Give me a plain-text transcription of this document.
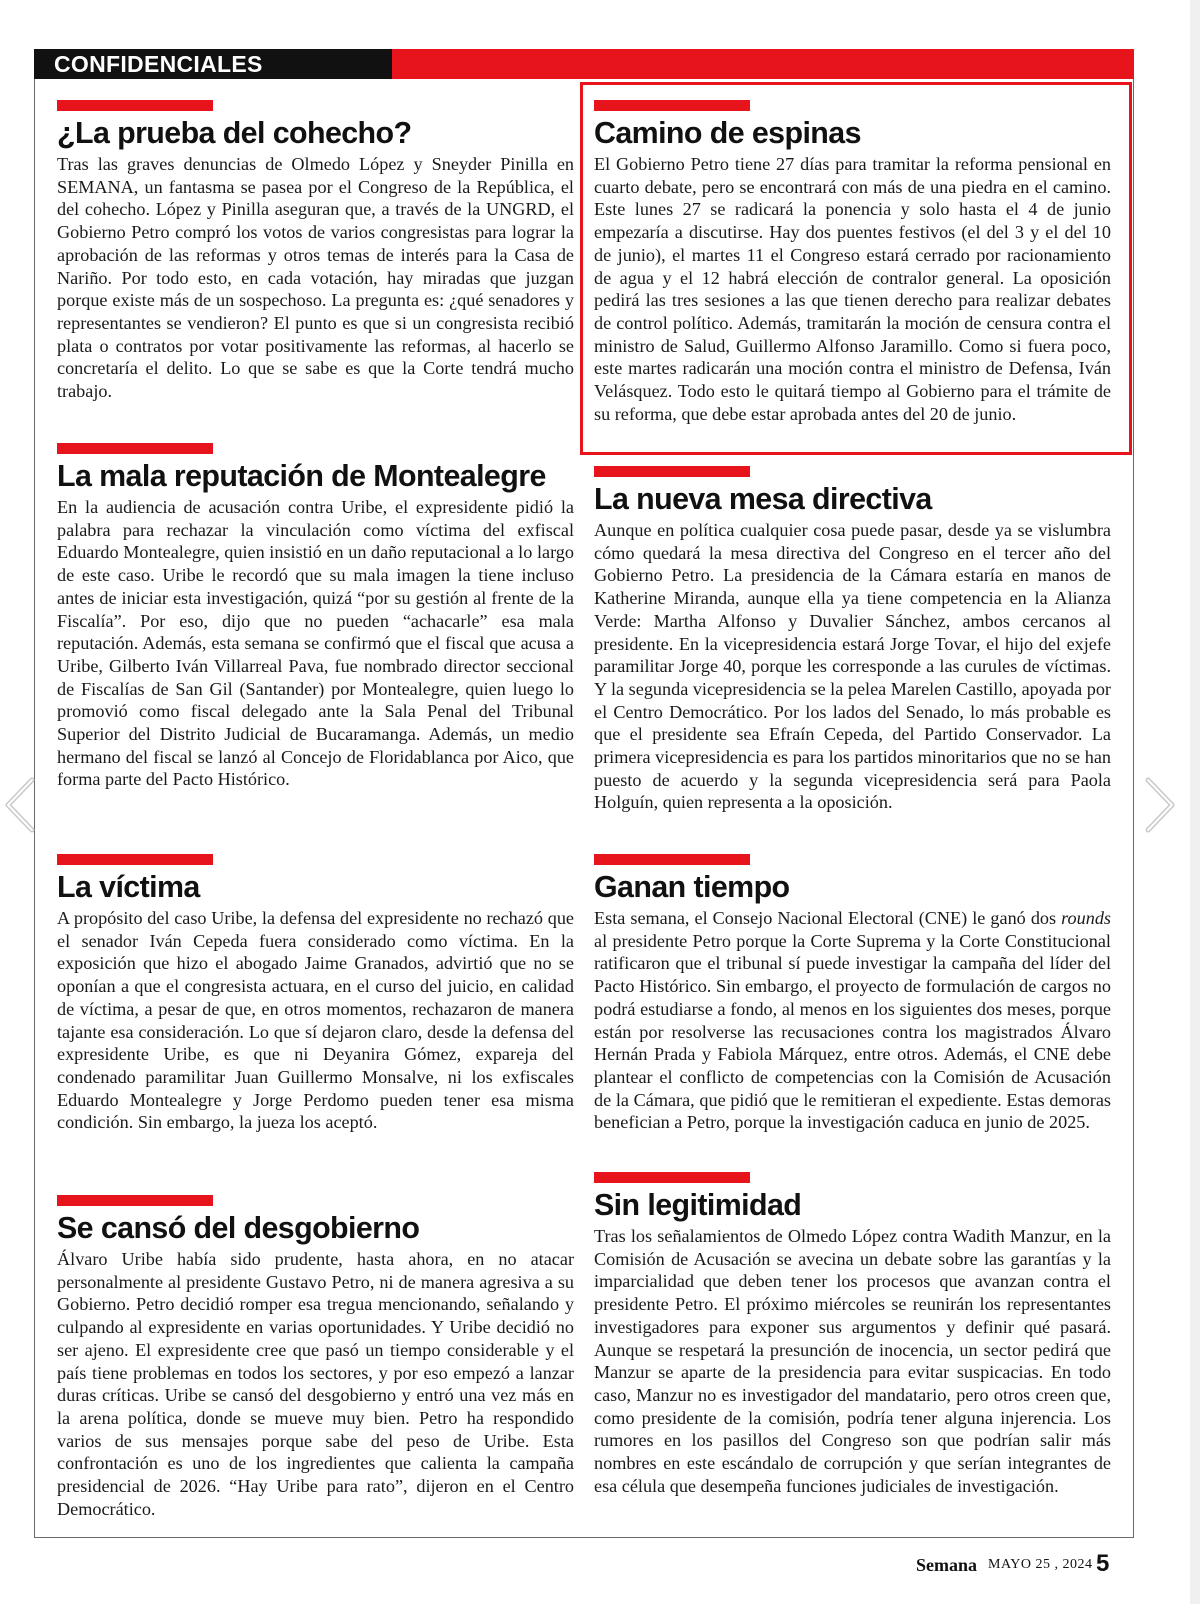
CONFIDENCIALES
¿La prueba del cohecho?

Tras las graves denuncias de Olmedo López y Sneyder Pinilla en SEMANA, un fantasma se pasea por el Congreso de la República, el del cohecho. López y Pinilla aseguran que, a través de la UNGRD, el Gobierno Petro compró los votos de varios congresistas para lograr la aprobación de las reformas y otros temas de interés para la Casa de Nariño. Por todo esto, en cada votación, hay miradas que juzgan porque existe más de un sospechoso. La pregunta es: ¿qué senadores y representantes se vendieron? El punto es que si un congresista recibió plata o contratos por votar positivamente las reformas, al hacerlo se concretaría el delito. Lo que se sabe es que la Corte tendrá mucho trabajo.

La mala reputación de Montealegre

En la audiencia de acusación contra Uribe, el expresidente pidió la palabra para rechazar la vinculación como víctima del exfiscal Eduardo Montealegre, quien insistió en un daño reputacional a lo largo de este caso. Uribe le recordó que su mala imagen la tiene incluso antes de iniciar esta investigación, quizá “por su gestión al frente de la Fiscalía”. Por eso, dijo que no pueden “achacarle” esa mala reputación. Además, esta semana se confirmó que el fiscal que acusa a Uribe, Gilberto Iván Villarreal Pava, fue nombrado director seccional de Fiscalías de San Gil (Santander) por Montealegre, quien luego lo promovió como fiscal delegado ante la Sala Penal del Tribunal Superior del Distrito Judicial de Bucaramanga. Además, un medio hermano del fiscal se lanzó al Concejo de Floridablanca por Aico, que forma parte del Pacto Histórico.

La víctima

A propósito del caso Uribe, la defensa del expresidente no rechazó que el senador Iván Cepeda fuera considerado como víctima. En la exposición que hizo el abogado Jaime Granados, advirtió que no se oponían a que el congresista actuara, en el curso del juicio, en calidad de víctima, a pesar de que, en otros momentos, rechazaron de manera tajante esa consideración. Lo que sí dejaron claro, desde la defensa del expresidente Uribe, es que ni Deyanira Gómez, expareja del condenado paramilitar Juan Guillermo Monsalve, ni los exfiscales Eduardo Montealegre y Jorge Perdomo pueden tener esa misma condición. Sin embargo, la jueza los aceptó.

Se cansó del desgobierno

Álvaro Uribe había sido prudente, hasta ahora, en no atacar personalmente al presidente Gustavo Petro, ni de manera agresiva a su Gobierno. Petro decidió romper esa tregua mencionando, señalando y culpando al expresidente en varias oportunidades. Y Uribe decidió no ser ajeno. El expresidente cree que pasó un tiempo considerable y el país tiene problemas en todos los sectores, y por eso empezó a lanzar duras críticas. Uribe se cansó del desgobierno y entró una vez más en la arena política, donde se mueve muy bien. Petro ha respondido varios de sus mensajes porque sabe del peso de Uribe. Esta confrontación es uno de los ingredientes que calienta la campaña presidencial de 2026. “Hay Uribe para rato”, dijeron en el Centro Democrático.

Camino de espinas

El Gobierno Petro tiene 27 días para tramitar la reforma pensional en cuarto debate, pero se encontrará con más de una piedra en el camino. Este lunes 27 se radicará la ponencia y solo hasta el 4 de junio empezaría a discutirse. Hay dos puentes festivos (el del 3 y el del 10 de junio), el martes 11 el Congreso estará cerrado por racionamiento de agua y el 12 habrá elección de contralor general. La oposición pedirá las tres sesiones a las que tienen derecho para realizar debates de control político. Además, tramitarán la moción de censura contra el ministro de Salud, Guillermo Alfonso Jaramillo. Como si fuera poco, este martes radicarán una moción contra el ministro de Defensa, Iván Velásquez. Todo esto le quitará tiempo al Gobierno para el trámite de su reforma, que debe estar aprobada antes del 20 de junio.

La nueva mesa directiva

Aunque en política cualquier cosa puede pasar, desde ya se vislumbra cómo quedará la mesa directiva del Congreso en el tercer año del Gobierno Petro. La presidencia de la Cámara estaría en manos de Katherine Miranda, aunque ella ya tiene competencia en la Alianza Verde: Martha Alfonso y Duvalier Sánchez, ambos cercanos al presidente. En la vicepresidencia estará Jorge Tovar, el hijo del exjefe paramilitar Jorge 40, porque les corresponde a las curules de víctimas. Y la segunda vicepresidencia se la pelea Marelen Castillo, apoyada por el Centro Democrático. Por los lados del Senado, lo más probable es que el presidente sea Efraín Cepeda, del Partido Conservador. La primera vicepresidencia es para los partidos minoritarios que no se han puesto de acuerdo y la segunda vicepresidencia será para Paola Holguín, quien representa a la oposición.

Ganan tiempo

Esta semana, el Consejo Nacional Electoral (CNE) le ganó dos rounds al presidente Petro porque la Corte Suprema y la Corte Constitucional ratificaron que el tribunal sí puede investigar la campaña del líder del Pacto Histórico. Sin embargo, el proyecto de formulación de cargos no podrá estudiarse a fondo, al menos en los siguientes dos meses, porque están por resolverse las recusaciones contra los magistrados Álvaro Hernán Prada y Fabiola Márquez, entre otros. Además, el CNE debe plantear el conflicto de competencias con la Comisión de Acusación de la Cámara, que pidió que le remitieran el expediente. Estas demoras benefician a Petro, porque la investigación caduca en junio de 2025.

Sin legitimidad

Tras los señalamientos de Olmedo López contra Wadith Manzur, en la Comisión de Acusación se avecina un debate sobre las garantías y la imparcialidad que deben tener los procesos que avanzan contra el presidente Petro. El próximo miércoles se reunirán los representantes investigadores para exponer sus argumentos y definir qué pasará. Aunque se respetará la presunción de inocencia, un sector pedirá que Manzur se aparte de la presidencia para evitar suspicacias. En todo caso, Manzur no es investigador del mandatario, pero otros creen que, como presidente de la comisión, podría tener alguna injerencia. Los rumores en los pasillos del Congreso son que podrían salir más nombres en este escándalo de corrupción y que serían integrantes de esa célula que desempeña funciones judiciales de investigación.

Semana MAYO 25 , 2024 5
